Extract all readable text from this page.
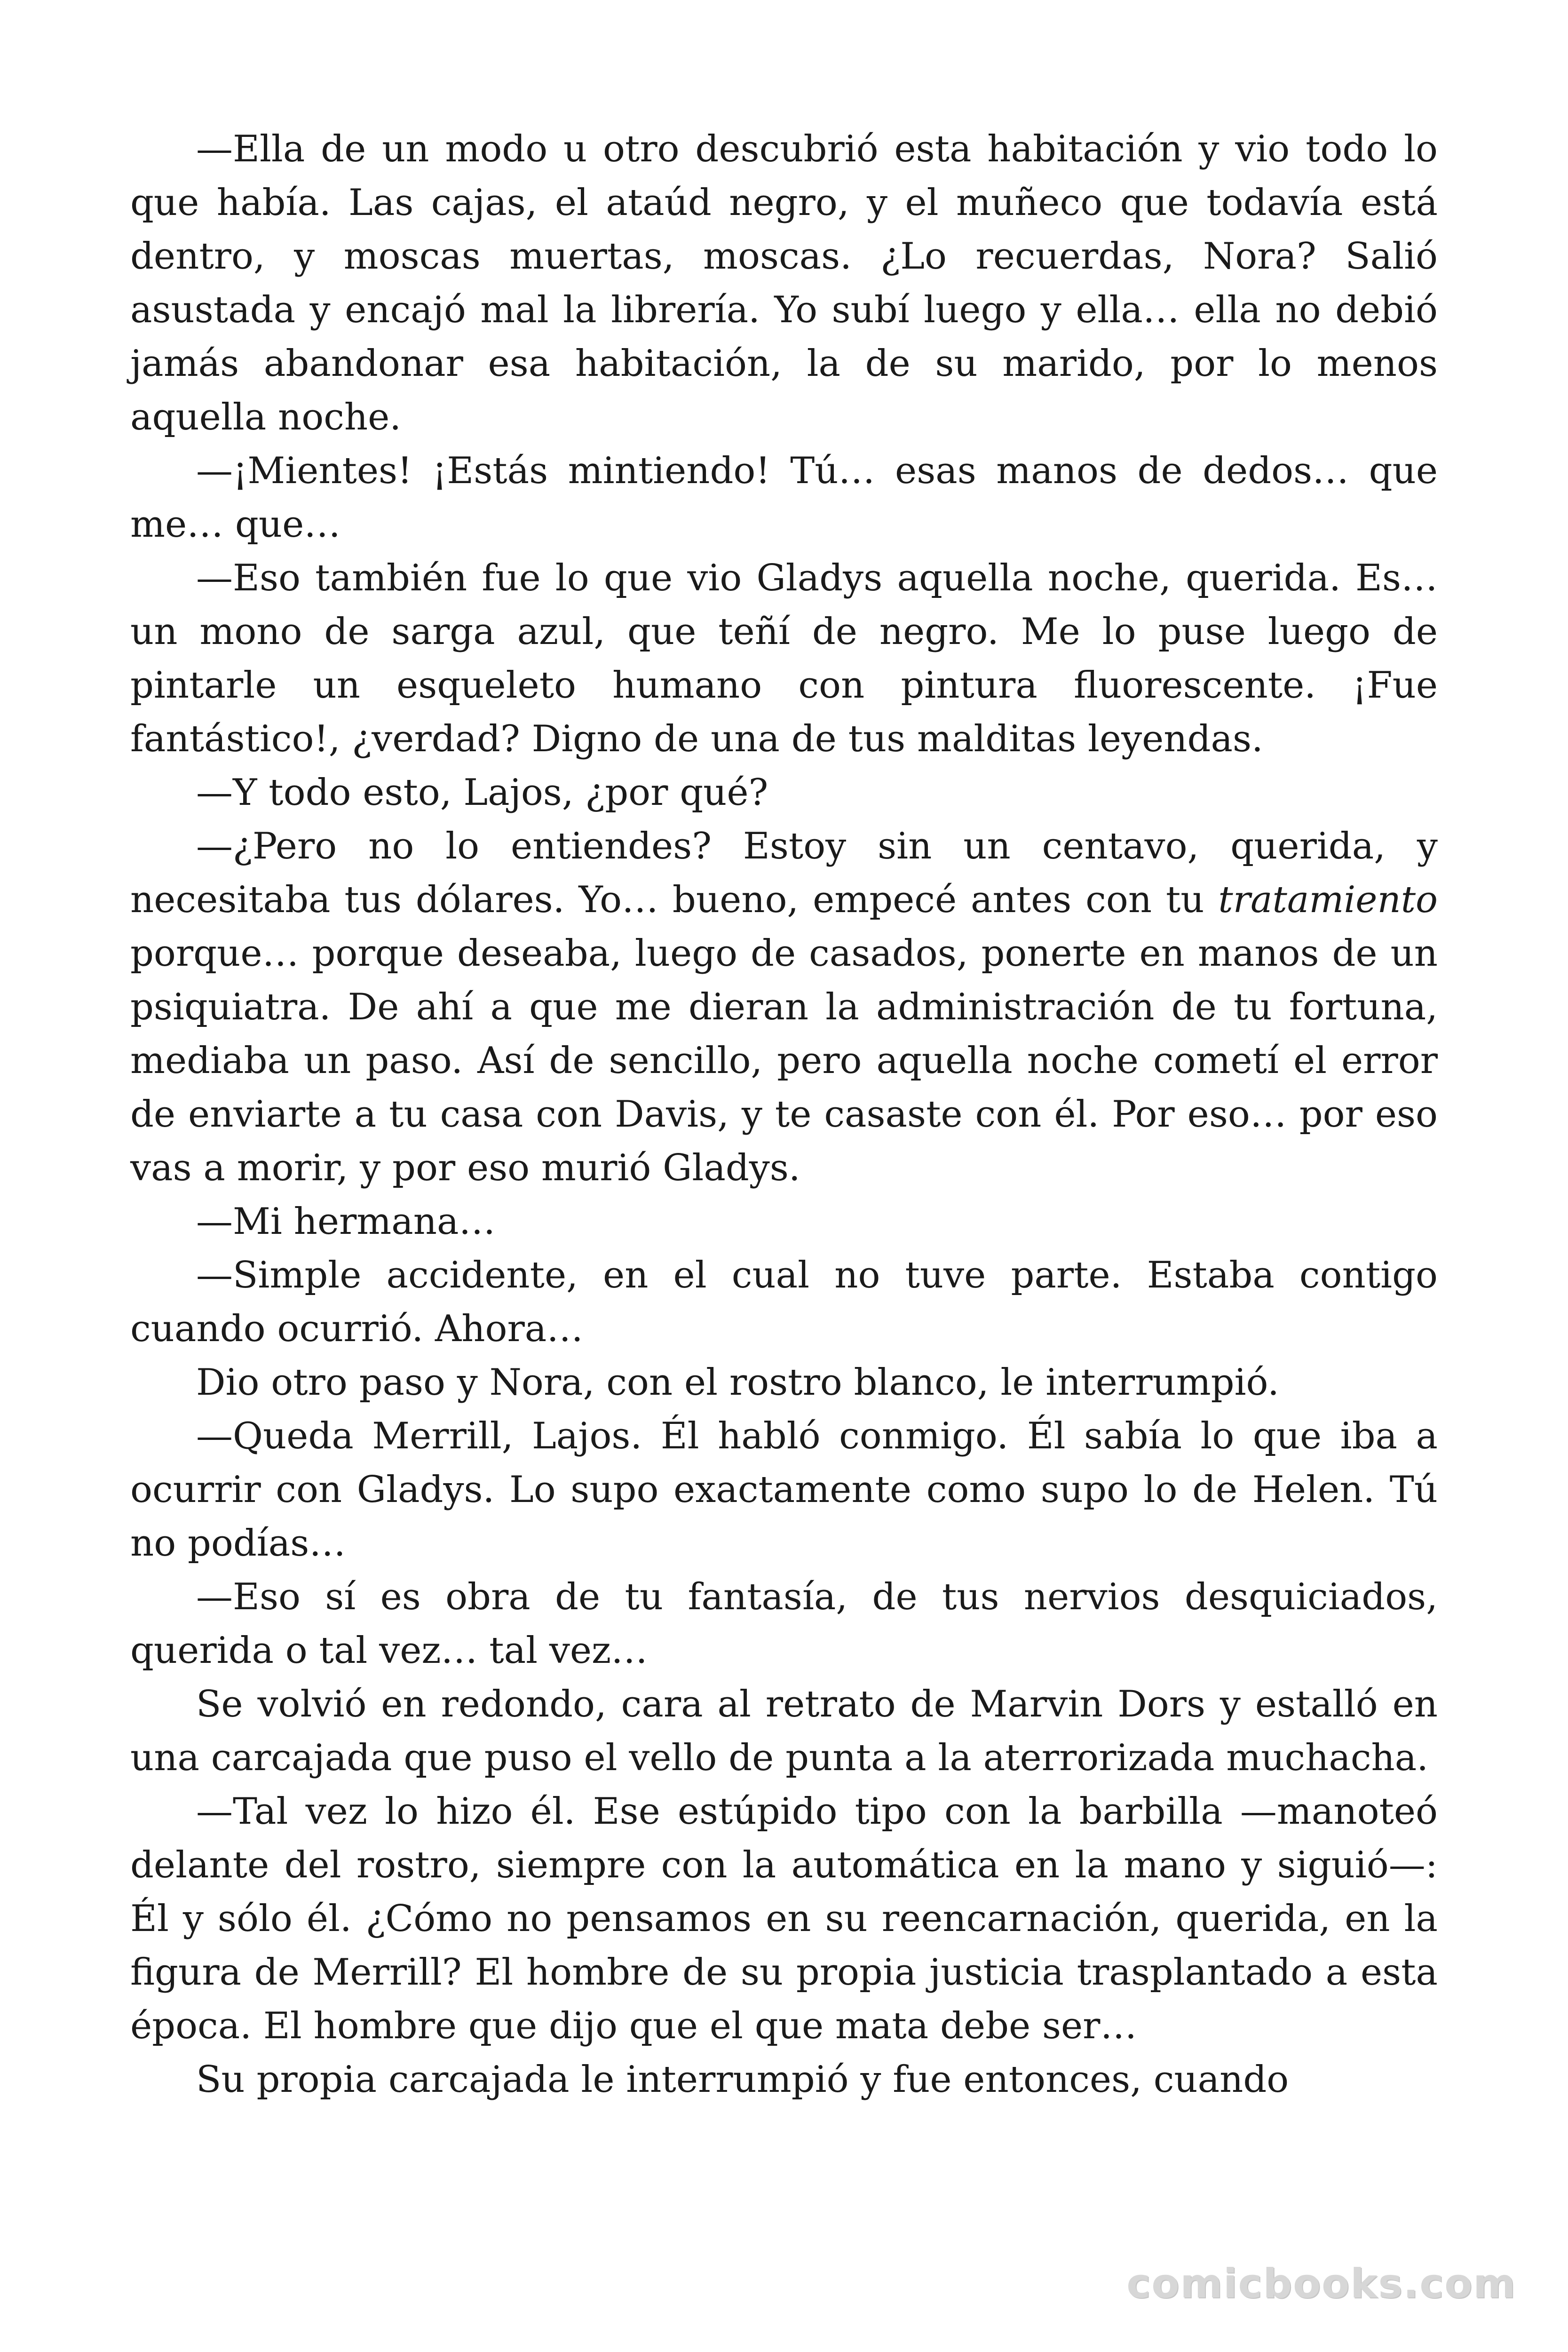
—Ella de un modo u otro descubrió esta habitación y vio todo lo que había. Las cajas, el ataúd negro, y el muñeco que todavía está dentro, y moscas muertas, moscas. ¿Lo recuerdas, Nora? Salió asustada y encajó mal la librería. Yo subí luego y ella… ella no debió jamás abandonar esa habitación, la de su marido, por lo menos aquella noche.

—¡Mientes! ¡Estás mintiendo! Tú… esas manos de dedos… que me… que…

—Eso también fue lo que vio Gladys aquella noche, querida. Es… un mono de sarga azul, que teñí de negro. Me lo puse luego de pintarle un esqueleto humano con pintura fluorescente. ¡Fue fantástico!, ¿verdad? Digno de una de tus malditas leyendas.

—Y todo esto, Lajos, ¿por qué?

—¿Pero no lo entiendes? Estoy sin un centavo, querida, y necesitaba tus dólares. Yo… bueno, empecé antes con tu tratamiento porque… porque deseaba, luego de casados, ponerte en manos de un psiquiatra. De ahí a que me dieran la administración de tu fortuna, mediaba un paso. Así de sencillo, pero aquella noche cometí el error de enviarte a tu casa con Davis, y te casaste con él. Por eso… por eso vas a morir, y por eso murió Gladys.

—Mi hermana…

—Simple accidente, en el cual no tuve parte. Estaba contigo cuando ocurrió. Ahora…

Dio otro paso y Nora, con el rostro blanco, le interrumpió.

—Queda Merrill, Lajos. Él habló conmigo. Él sabía lo que iba a ocurrir con Gladys. Lo supo exactamente como supo lo de Helen. Tú no podías…

—Eso sí es obra de tu fantasía, de tus nervios desquiciados, querida o tal vez… tal vez…

Se volvió en redondo, cara al retrato de Marvin Dors y estalló en una carcajada que puso el vello de punta a la aterrorizada muchacha.

—Tal vez lo hizo él. Ese estúpido tipo con la barbilla —manoteó delante del rostro, siempre con la automática en la mano y siguió—: Él y sólo él. ¿Cómo no pensamos en su reencarnación, querida, en la figura de Merrill? El hombre de su propia justicia trasplantado a esta época. El hombre que dijo que el que mata debe ser…

Su propia carcajada le interrumpió y fue entonces, cuando

comicbooks.com
